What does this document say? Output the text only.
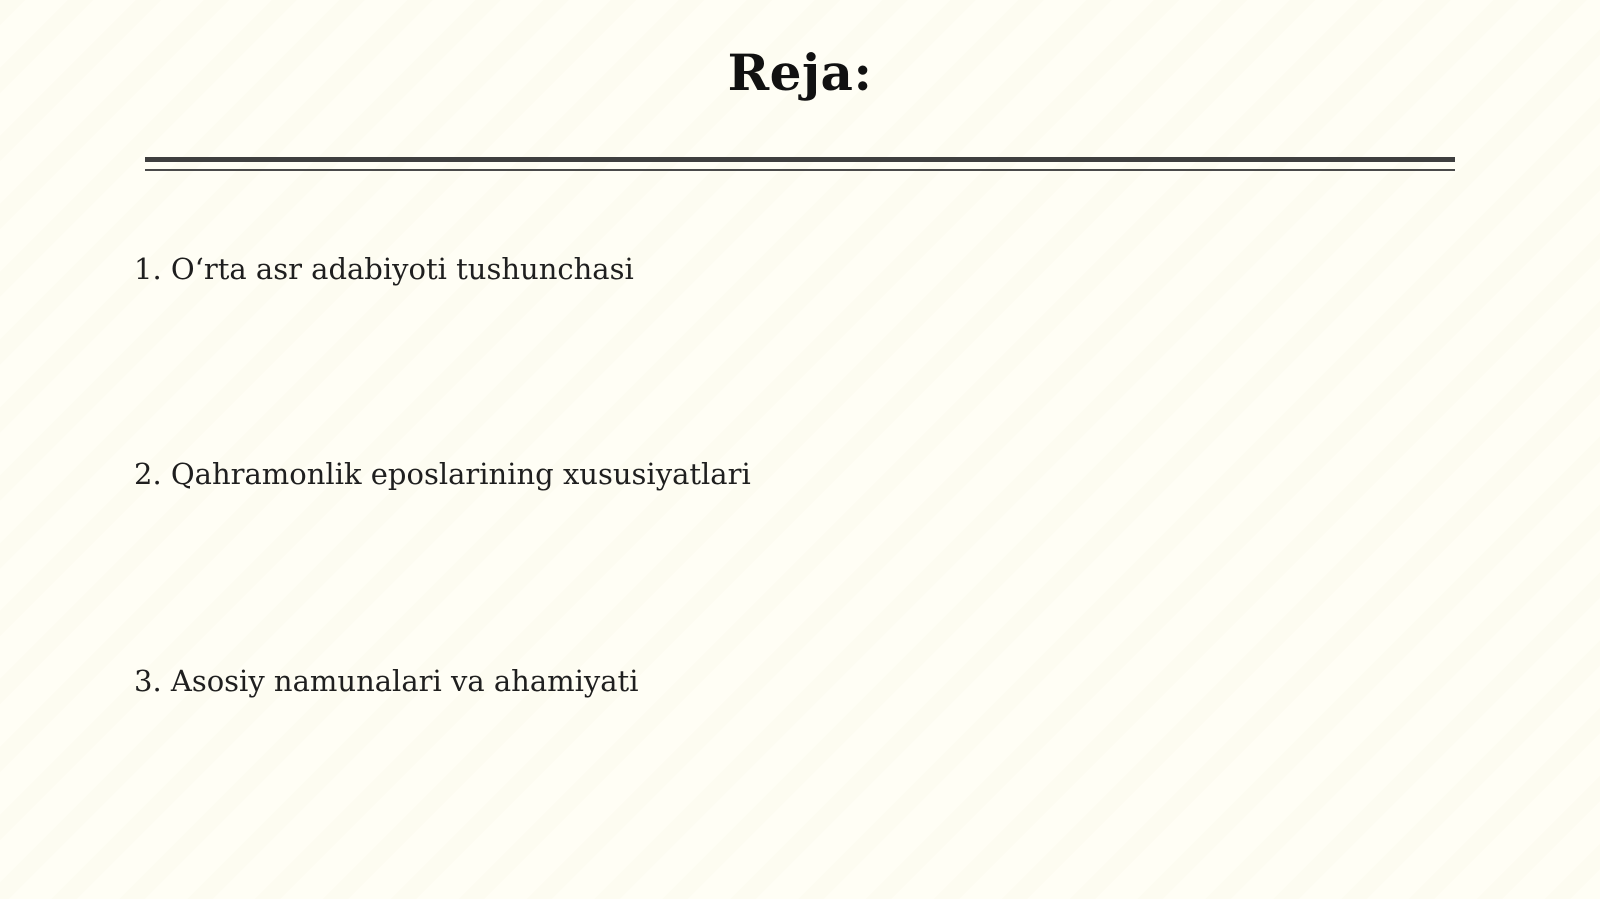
Reja:
1. O‘rta asr adabiyoti tushunchasi
2. Qahramonlik eposlarining xususiyatlari
3. Asosiy namunalari va ahamiyati
